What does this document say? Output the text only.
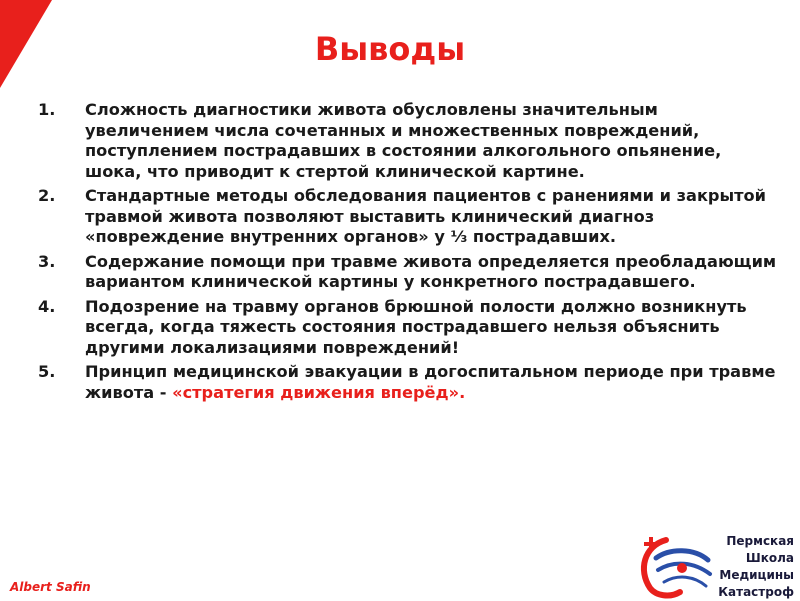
Выводы
1.	Сложность диагностики живота обусловлены значительным увеличением числа сочетанных и множественных повреждений, поступлением пострадавших в состоянии алкогольного опьянение, шока, что приводит к стертой клинической картине.
2.	Стандартные методы обследования пациентов с ранениями и закрытой травмой живота позволяют выставить клинический диагноз «повреждение внутренних органов» у ⅓ пострадавших.
3.	Содержание помощи при травме живота определяется преобладающим вариантом клинической картины у конкретного пострадавшего.
4.	Подозрение на травму органов брюшной полости должно возникнуть всегда, когда тяжесть состояния пострадавшего нельзя объяснить другими локализациями повреждений!
5.	Принцип медицинской эвакуации в догоспитальном периоде при травме живота - «стратегия движения вперёд».
Albert Safin
Пермская
Школа
Медицины
Катастроф
